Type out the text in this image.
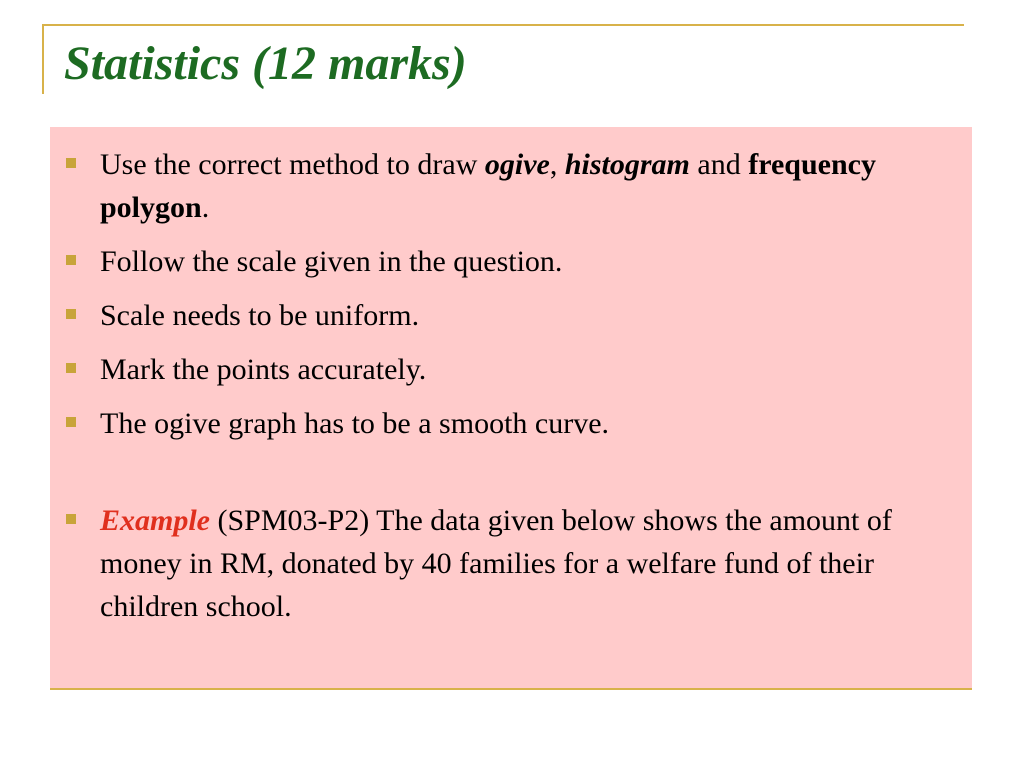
Statistics (12 marks)
Use the correct method to draw ogive, histogram and frequency polygon.
Follow the scale given in the question.
Scale needs to be uniform.
Mark the points accurately.
The ogive graph has to be a smooth curve.
Example (SPM03-P2) The data given below shows the amount of money in RM, donated by 40 families for a welfare fund of their children school.
